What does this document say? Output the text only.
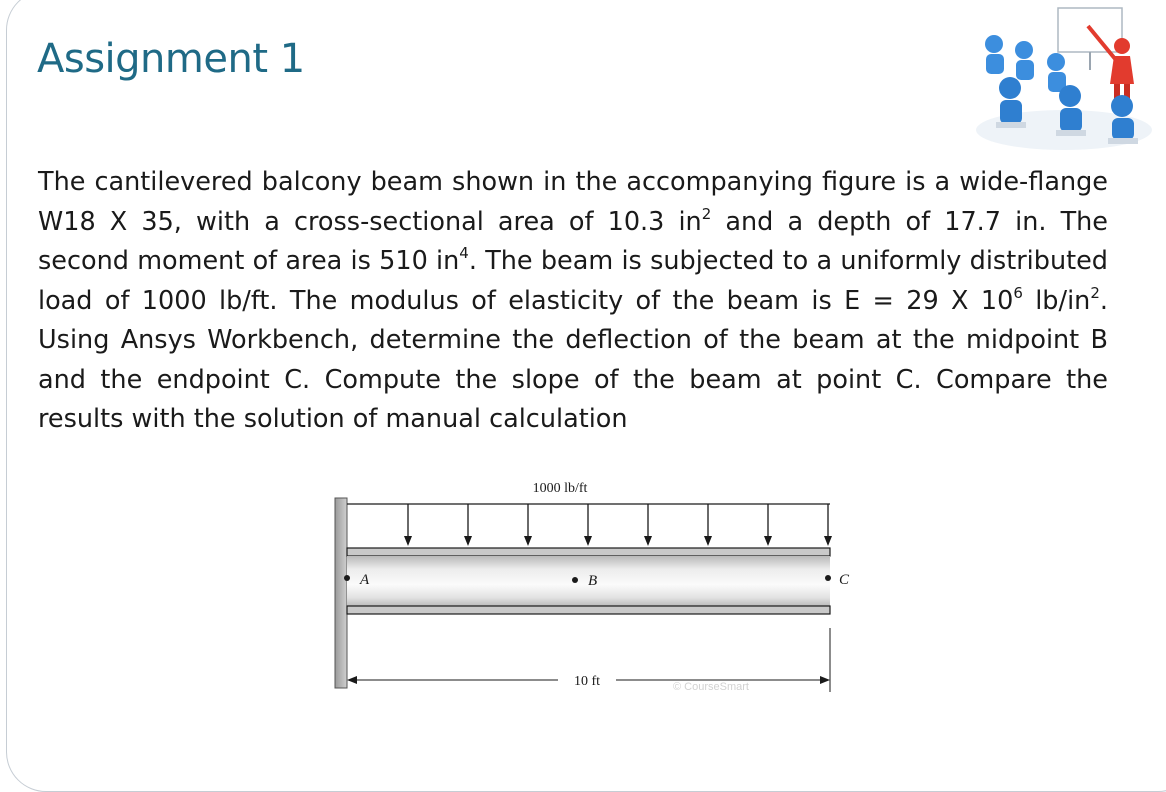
Assignment 1

The cantilevered balcony beam shown in the accompanying figure is a wide-flange W18 X 35, with a cross-sectional area of 10.3 $in^2$ and a depth of 17.7 in. The second moment of area is 510 $in^4$. The beam is subjected to a uniformly distributed load of 1000 lb/ft. The modulus of elasticity of the beam is E = 29 X $10^6$ $lb/in^2$. Using Ansys Workbench, determine the deflection of the beam at the midpoint B and the endpoint C. Compute the slope of the beam at point C. Compare the results with the solution of manual calculation

1000 lb/ft
A	B	C
10 ft	© CourseSmart
